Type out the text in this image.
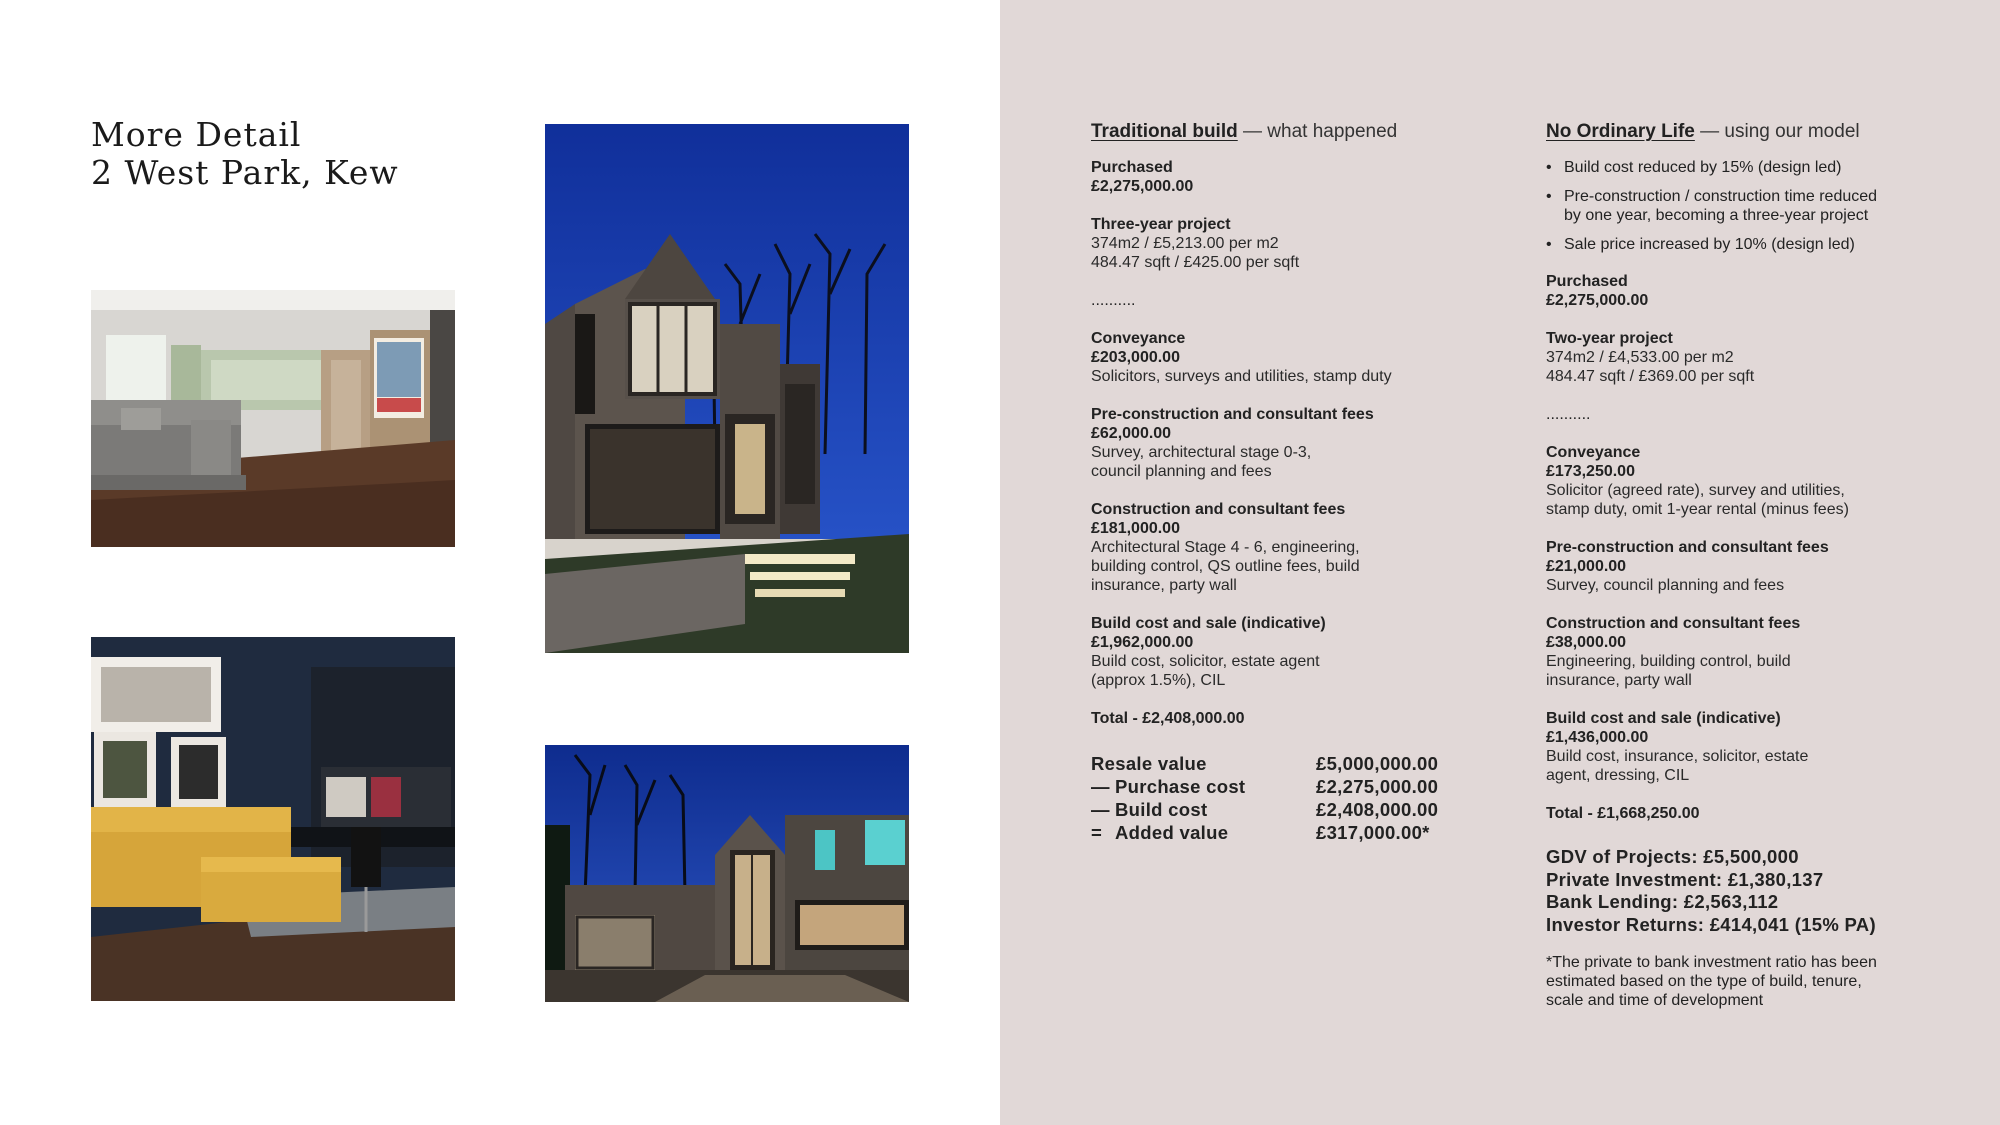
More Detail
2 West Park, Kew
Traditional build — what happened
Purchased
£2,275,000.00
Three-year project
374m2 / £5,213.00 per m2
484.47 sqft / £425.00 per sqft
..........
Conveyance
£203,000.00
Solicitors, surveys and utilities, stamp duty
Pre-construction and consultant fees
£62,000.00
Survey, architectural stage 0-3,
council planning and fees
Construction and consultant fees
£181,000.00
Architectural Stage 4 - 6, engineering,
building control, QS outline fees, build
insurance, party wall
Build cost and sale (indicative)
£1,962,000.00
Build cost, solicitor, estate agent
(approx 1.5%), CIL
Total - £2,408,000.00
Resale value	£5,000,000.00
— Purchase cost	£2,275,000.00
— Build cost	£2,408,000.00
= Added value	£317,000.00*
No Ordinary Life — using our model
• Build cost reduced by 15% (design led)
• Pre-construction / construction time reduced
by one year, becoming a three-year project
• Sale price increased by 10% (design led)
Purchased
£2,275,000.00
Two-year project
374m2 / £4,533.00 per m2
484.47 sqft / £369.00 per sqft
..........
Conveyance
£173,250.00
Solicitor (agreed rate), survey and utilities,
stamp duty, omit 1-year rental (minus fees)
Pre-construction and consultant fees
£21,000.00
Survey, council planning and fees
Construction and consultant fees
£38,000.00
Engineering, building control, build
insurance, party wall
Build cost and sale (indicative)
£1,436,000.00
Build cost, insurance, solicitor, estate
agent, dressing, CIL
Total - £1,668,250.00
GDV of Projects: £5,500,000
Private Investment: £1,380,137
Bank Lending: £2,563,112
Investor Returns: £414,041 (15% PA)
*The private to bank investment ratio has been
estimated based on the type of build, tenure,
scale and time of development
